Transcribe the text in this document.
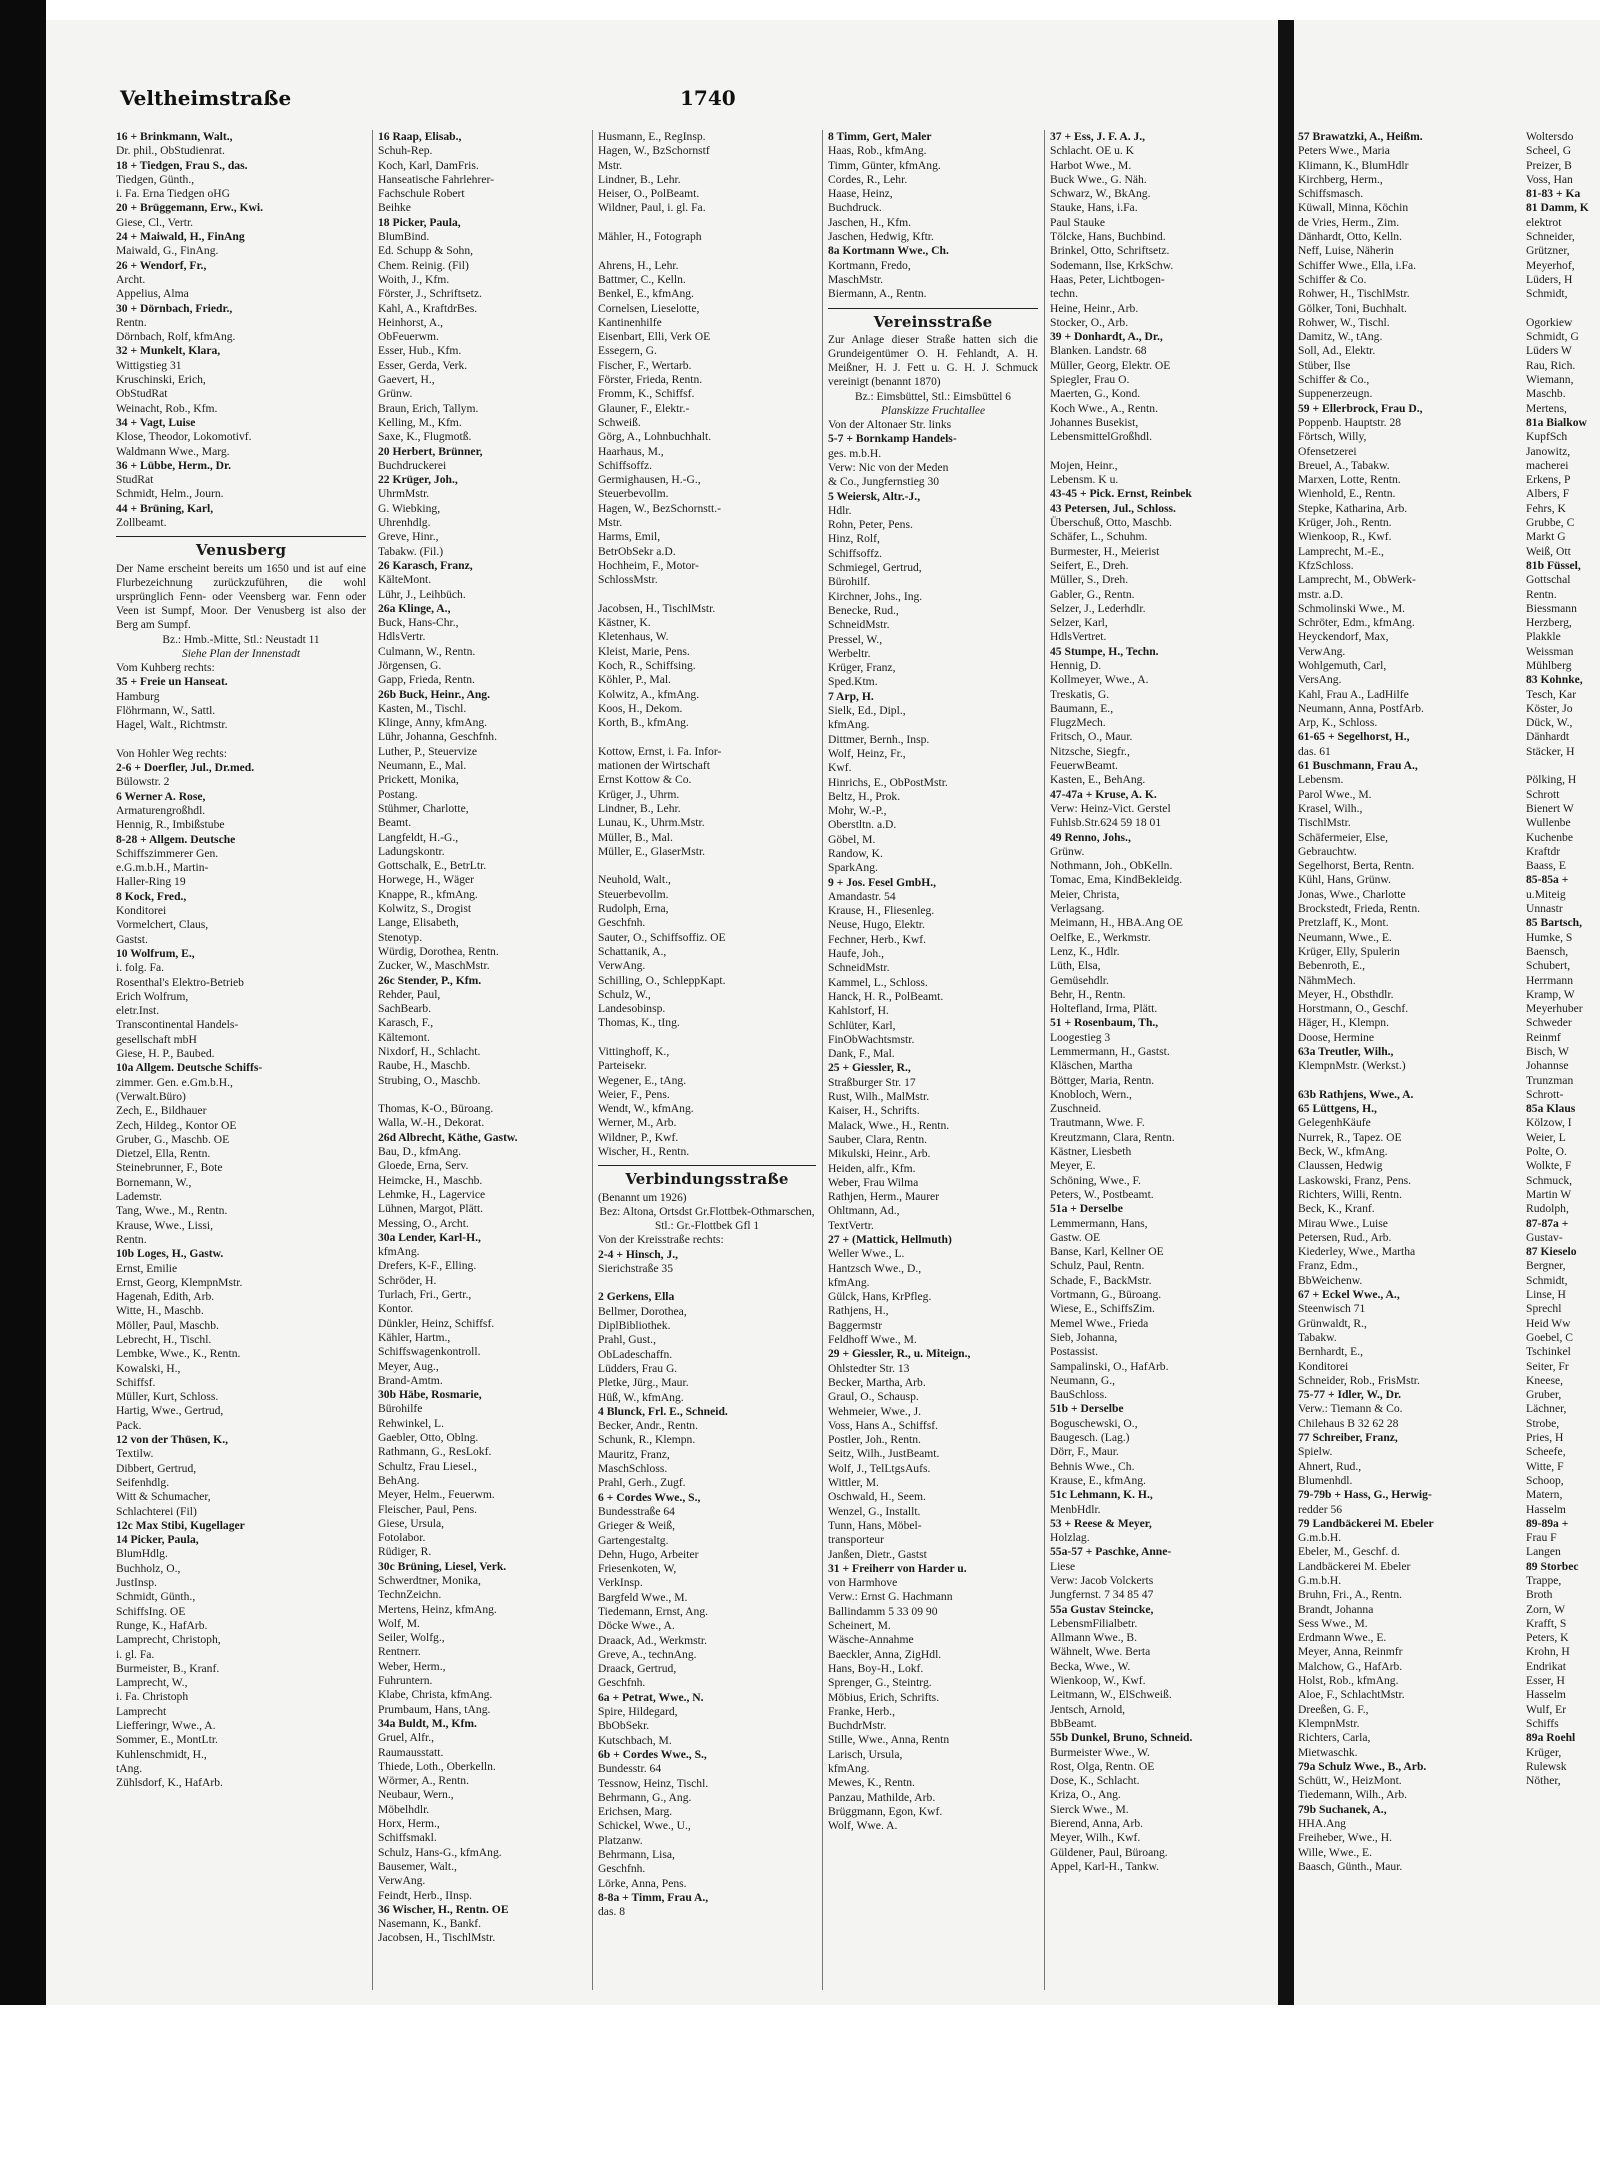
Veltheimstraße	1740
16 + Brinkmann, Walt.,
Dr. phil., ObStudienrat.
18 + Tiedgen, Frau S., das.
Tiedgen, Günth.,
i. Fa. Erna Tiedgen oHG
20 + Brüggemann, Erw., Kwi.
Giese, Cl., Vertr.
24 + Maiwald, H., FinAng
Maiwald, G., FinAng.
26 + Wendorf, Fr.,
Archt.
Appelius, Alma
30 + Dörnbach, Friedr.,
Rentn.
Dörnbach, Rolf, kfmAng.
32 + Munkelt, Klara,
Wittigstieg 31
Kruschinski, Erich,
ObStudRat
Weinacht, Rob., Kfm.
34 + Vagt, Luise
Klose, Theodor, Lokomotivf.
Waldmann Wwe., Marg.
36 + Lübbe, Herm., Dr.
StudRat
Schmidt, Helm., Journ.
44 + Brüning, Karl,
Zollbeamt.
Venusberg
Der Name erscheint bereits um 1650 und ist auf eine Flurbezeichnung zurückzuführen, die wohl ursprünglich Fenn- oder Veensberg war. Fenn oder Veen ist Sumpf, Moor. Der Venusberg ist also der Berg am Sumpf.
Bz.: Hmb.-Mitte, Stl.: Neustadt 11
Siehe Plan der Innenstadt
Vom Kuhberg rechts:
35 + Freie un Hanseat.
Hamburg
Flöhrmann, W., Sattl.
Hagel, Walt., Richtmstr.

Von Hohler Weg rechts:
2-6 + Doerfler, Jul., Dr.med.
Bülowstr. 2
6 Werner A. Rose,
Armaturengroßhdl.
Hennig, R., Imbißstube
8-28 + Allgem. Deutsche
Schiffszimmerer Gen.
e.G.m.b.H., Martin-
Haller-Ring 19
8 Kock, Fred.,
Konditorei
Vormelchert, Claus,
Gastst.
10 Wolfrum, E.,
i. folg. Fa.
Rosenthal's Elektro-Betrieb
Erich Wolfrum,
eletr.Inst.
Transcontinental Handels-
gesellschaft mbH
Giese, H. P., Baubed.
10a Allgem. Deutsche Schiffs-
zimmer. Gen. e.Gm.b.H.,
(Verwalt.Büro)
Zech, E., Bildhauer
Zech, Hildeg., Kontor OE
Gruber, G., Maschb. OE
Dietzel, Ella, Rentn.
Steinebrunner, F., Bote
Bornemann, W.,
Lademstr.
Tang, Wwe., M., Rentn.
Krause, Wwe., Lissi,
Rentn.
10b Loges, H., Gastw.
Ernst, Emilie
Ernst, Georg, KlempnMstr.
Hagenah, Edith, Arb.
Witte, H., Maschb.
Möller, Paul, Maschb.
Lebrecht, H., Tischl.
Lembke, Wwe., K., Rentn.
Kowalski, H.,
Schiffsf.
Müller, Kurt, Schloss.
Hartig, Wwe., Gertrud,
Pack.
12 von der Thüsen, K.,
Textilw.
Dibbert, Gertrud,
Seifenhdlg.
Witt & Schumacher,
Schlachterei (Fil)
12c Max Stibi, Kugellager
14 Picker, Paula,
BlumHdlg.
Buchholz, O.,
JustInsp.
Schmidt, Günth.,
SchiffsIng. OE
Runge, K., HafArb.
Lamprecht, Christoph,
i. gl. Fa.
Burmeister, B., Kranf.
Lamprecht, W.,
i. Fa. Christoph
Lamprecht
Liefferingr, Wwe., A.
Sommer, E., MontLtr.
Kuhlenschmidt, H.,
tAng.
Zühlsdorf, K., HafArb.
16 Raap, Elisab.,
Schuh-Rep.
Koch, Karl, DamFris.
Hanseatische Fahrlehrer-
Fachschule Robert
Beihke
18 Picker, Paula,
BlumBind.
Ed. Schupp & Sohn,
Chem. Reinig. (Fil)
Woith, J., Kfm.
Förster, J., Schriftsetz.
Kahl, A., KraftdrBes.
Heinhorst, A.,
ObFeuerwm.
Esser, Hub., Kfm.
Esser, Gerda, Verk.
Gaevert, H.,
Grünw.
Braun, Erich, Tallym.
Kelling, M., Kfm.
Saxe, K., Flugmotß.
20 Herbert, Brünner,
Buchdruckerei
22 Krüger, Joh.,
UhrmMstr.
G. Wiebking,
Uhrenhdlg.
Greve, Hinr.,
Tabakw. (Fil.)
26 Karasch, Franz,
KälteMont.
Lühr, J., Leihbüch.
26a Klinge, A.,
Buck, Hans-Chr.,
HdlsVertr.
Culmann, W., Rentn.
Jörgensen, G.
Gapp, Frieda, Rentn.
26b Buck, Heinr., Ang.
Kasten, M., Tischl.
Klinge, Anny, kfmAng.
Lühr, Johanna, Geschfnh.
Luther, P., Steuervize
Neumann, E., Mal.
Prickett, Monika,
Postang.
Stühmer, Charlotte,
Beamt.
Langfeldt, H.-G.,
Ladungskontr.
Gottschalk, E., BetrLtr.
Horwege, H., Wäger
Knappe, R., kfmAng.
Kolwitz, S., Drogist
Lange, Elisabeth,
Stenotyp.
Würdig, Dorothea, Rentn.
Zucker, W., MaschMstr.
26c Stender, P., Kfm.
Rehder, Paul,
SachBearb.
Karasch, F.,
Kältemont.
Nixdorf, H., Schlacht.
Raube, H., Maschb.
Strubing, O., Maschb.

Thomas, K-O., Büroang.
Walla, W.-H., Dekorat.
26d Albrecht, Käthe, Gastw.
Bau, D., kfmAng.
Gloede, Erna, Serv.
Heimcke, H., Maschb.
Lehmke, H., Lagervice
Lühnen, Margot, Plätt.
Messing, O., Archt.
30a Lender, Karl-H.,
kfmAng.
Drefers, K-F., Elling.
Schröder, H.
Turlach, Fri., Gertr.,
Kontor.
Dünkler, Heinz, Schiffsf.
Kähler, Hartm.,
Schiffswagenkontroll.
Meyer, Aug.,
Brand-Amtm.
30b Häbe, Rosmarie,
Bürohilfe
Rehwinkel, L.
Gaebler, Otto, Oblng.
Rathmann, G., ResLokf.
Schultz, Frau Liesel.,
BehAng.
Meyer, Helm., Feuerwm.
Fleischer, Paul, Pens.
Giese, Ursula,
Fotolabor.
Rüdiger, R.
30c Brüning, Liesel, Verk.
Schwerdtner, Monika,
TechnZeichn.
Mertens, Heinz, kfmAng.
Wolf, M.
Seiler, Wolfg.,
Rentnerr.
Weber, Herm.,
Fuhruntern.
Klabe, Christa, kfmAng.
Prumbaum, Hans, tAng.
34a Buldt, M., Kfm.
Gruel, Alfr.,
Raumausstatt.
Thiede, Loth., Oberkelln.
Wörmer, A., Rentn.
Neubaur, Wern.,
Möbelhdlr.
Horx, Herm.,
Schiffsmakl.
Schulz, Hans-G., kfmAng.
Bausemer, Walt.,
VerwAng.
Feindt, Herb., IInsp.
36 Wischer, H., Rentn. OE
Nasemann, K., Bankf.
Jacobsen, H., TischlMstr.
Husmann, E., RegInsp.
Hagen, W., BzSchornstf
Mstr.
Lindner, B., Lehr.
Heiser, O., PolBeamt.
Wildner, Paul, i. gl. Fa.

Mähler, H., Fotograph

Ahrens, H., Lehr.
Battmer, C., Kelln.
Benkel, E., kfmAng.
Cornelsen, Lieselotte,
Kantinenhilfe
Eisenbart, Elli, Verk OE
Essegern, G.
Fischer, F., Wertarb.
Förster, Frieda, Rentn.
Fromm, K., Schiffsf.
Glauner, F., Elektr.-
Schweiß.
Görg, A., Lohnbuchhalt.
Haarhaus, M.,
Schiffsoffz.
Germighausen, H.-G.,
Steuerbevollm.
Hagen, W., BezSchornstt.-
Mstr.
Harms, Emil,
BetrObSekr a.D.
Hochheim, F., Motor-
SchlossMstr.

Jacobsen, H., TischlMstr.
Kästner, K.
Kletenhaus, W.
Kleist, Marie, Pens.
Koch, R., Schiffsing.
Köhler, P., Mal.
Kolwitz, A., kfmAng.
Koos, H., Dekom.
Korth, B., kfmAng.

Kottow, Ernst, i. Fa. Infor-
mationen der Wirtschaft
Ernst Kottow & Co.
Krüger, J., Uhrm.
Lindner, B., Lehr.
Lunau, K., Uhrm.Mstr.
Müller, B., Mal.
Müller, E., GlaserMstr.

Neuhold, Walt.,
Steuerbevollm.
Rudolph, Erna,
Geschfnh.
Sauter, O., Schiffsoffiz. OE
Schattanik, A.,
VerwAng.
Schilling, O., SchleppKapt.
Schulz, W.,
Landesobinsp.
Thomas, K., tIng.

Vittinghoff, K.,
Parteisekr.
Wegener, E., tAng.
Weier, F., Pens.
Wendt, W., kfmAng.
Werner, M., Arb.
Wildner, P., Kwf.
Wischer, H., Rentn.
Verbindungsstraße
(Benannt um 1926)
Bez: Altona, Ortsdst Gr.Flottbek-Othmarschen, Stl.: Gr.-Flottbek Gfl 1
Von der Kreisstraße rechts:
2-4 + Hinsch, J.,
Sierichstraße 35

2 Gerkens, Ella
Bellmer, Dorothea,
DiplBibliothek.
Prahl, Gust.,
ObLadeschaffn.
Lüdders, Frau G.
Pletke, Jürg., Maur.
Hüß, W., kfmAng.
4 Blunck, Frl. E., Schneid.
Becker, Andr., Rentn.
Schunk, R., Klempn.
Mauritz, Franz,
MaschSchloss.
Prahl, Gerh., Zugf.
6 + Cordes Wwe., S.,
Bundesstraße 64
Grieger & Weiß,
Gartengestaltg.
Dehn, Hugo, Arbeiter
Friesenkoten, W,
VerkInsp.
Bargfeld Wwe., M.
Tiedemann, Ernst, Ang.
Döcke Wwe., A.
Draack, Ad., Werkmstr.
Greve, A., technAng.
Draack, Gertrud,
Geschfnh.
6a + Petrat, Wwe., N.
Spire, Hildegard,
BbObSekr.
Kutschbach, M.
6b + Cordes Wwe., S.,
Bundesstr. 64
Tessnow, Heinz, Tischl.
Behrmann, G., Ang.
Erichsen, Marg.
Schickel, Wwe., U.,
Platzanw.
Behrmann, Lisa,
Geschfnh.
Lörke, Anna, Pens.
8-8a + Timm, Frau A.,
das. 8
8 Timm, Gert, Maler
Haas, Rob., kfmAng.
Timm, Günter, kfmAng.
Cordes, R., Lehr.
Haase, Heinz,
Buchdruck.
Jaschen, H., Kfm.
Jaschen, Hedwig, Kftr.
8a Kortmann Wwe., Ch.
Kortmann, Fredo,
MaschMstr.
Biermann, A., Rentn.
Vereinsstraße
Zur Anlage dieser Straße hatten sich die Grundeigentümer O. H. Fehlandt, A. H. Meißner, H. J. Fett u. G. H. J. Schmuck vereinigt (benannt 1870)
Bz.: Eimsbüttel, Stl.: Eimsbüttel 6
Planskizze Fruchtallee
Von der Altonaer Str. links
5-7 + Bornkamp Handels-
ges. m.b.H.
Verw: Nic von der Meden
& Co., Jungfernstieg 30
5 Weiersk, Altr.-J.,
Hdlr.
Rohn, Peter, Pens.
Hinz, Rolf,
Schiffsoffz.
Schmiegel, Gertrud,
Bürohilf.
Kirchner, Johs., Ing.
Benecke, Rud.,
SchneidMstr.
Pressel, W.,
Werbeltr.
Krüger, Franz,
Sped.Ktm.
7 Arp, H.
Sielk, Ed., Dipl.,
kfmAng.
Dittmer, Bernh., Insp.
Wolf, Heinz, Fr.,
Kwf.
Hinrichs, E., ObPostMstr.
Beltz, H., Prok.
Mohr, W.-P.,
Oberstltn. a.D.
Göbel, M.
Randow, K.
SparkAng.
9 + Jos. Fesel GmbH.,
Amandastr. 54
Krause, H., Fliesenleg.
Neuse, Hugo, Elektr.
Fechner, Herb., Kwf.
Haufe, Joh.,
SchneidMstr.
Kammel, L., Schloss.
Hanck, H. R., PolBeamt.
Kahlstorf, H.
Schlüter, Karl,
FinObWachtsmstr.
Dank, F., Mal.
25 + Giessler, R.,
Straßburger Str. 17
Rust, Wilh., MalMstr.
Kaiser, H., Schrifts.
Malack, Wwe., H., Rentn.
Sauber, Clara, Rentn.
Mikulski, Heinr., Arb.
Heiden, alfr., Kfm.
Weber, Frau Wilma
Rathjen, Herm., Maurer
Ohltmann, Ad.,
TextVertr.
27 + (Mattick, Hellmuth)
Weller Wwe., L.
Hantzsch Wwe., D.,
kfmAng.
Gülck, Hans, KrPfleg.
Rathjens, H.,
Baggermstr
Feldhoff Wwe., M.
29 + Giessler, R., u. Miteign.,
Ohlstedter Str. 13
Becker, Martha, Arb.
Graul, O., Schausp.
Wehmeier, Wwe., J.
Voss, Hans A., Schiffsf.
Postler, Joh., Rentn.
Seitz, Wilh., JustBeamt.
Wolf, J., TelLtgsAufs.
Wittler, M.
Oschwald, H., Seem.
Wenzel, G., Installt.
Tunn, Hans, Möbel-
transporteur
Janßen, Dietr., Gastst
31 + Freiherr von Harder u.
von Harmhove
Verw.: Ernst G. Hachmann
Ballindamm 5 33 09 90
Scheinert, M.
Wäsche-Annahme
Baeckler, Anna, ZigHdl.
Hans, Boy-H., Lokf.
Sprenger, G., Steintrg.
Möbius, Erich, Schrifts.
Franke, Herb.,
BuchdrMstr.
Stille, Wwe., Anna, Rentn
Larisch, Ursula,
kfmAng.
Mewes, K., Rentn.
Panzau, Mathilde, Arb.
Brüggmann, Egon, Kwf.
Wolf, Wwe. A.
37 + Ess, J. F. A. J.,
Schlacht. OE u. K
Harbot Wwe., M.
Buck Wwe., G. Näh.
Schwarz, W., BkAng.
Stauke, Hans, i.Fa.
Paul Stauke
Tölcke, Hans, Buchbind.
Brinkel, Otto, Schriftsetz.
Sodemann, Ilse, KrkSchw.
Haas, Peter, Lichtbogen-
techn.
Heine, Heinr., Arb.
Stocker, O., Arb.
39 + Donhardt, A., Dr.,
Blanken. Landstr. 68
Müller, Georg, Elektr. OE
Spiegler, Frau O.
Maerten, G., Kond.
Koch Wwe., A., Rentn.
Johannes Busekist,
LebensmittelGroßhdl.

Mojen, Heinr.,
Lebensm. K u.
43-45 + Pick. Ernst, Reinbek
43 Petersen, Jul., Schloss.
Überschuß, Otto, Maschb.
Schäfer, L., Schuhm.
Burmester, H., Meierist
Seifert, E., Dreh.
Müller, S., Dreh.
Gabler, G., Rentn.
Selzer, J., Lederhdlr.
Selzer, Karl,
HdlsVertret.
45 Stumpe, H., Techn.
Hennig, D.
Kollmeyer, Wwe., A.
Treskatis, G.
Baumann, E.,
FlugzMech.
Fritsch, O., Maur.
Nitzsche, Siegfr.,
FeuerwBeamt.
Kasten, E., BehAng.
47-47a + Kruse, A. K.
Verw: Heinz-Vict. Gerstel
Fuhlsb.Str.624 59 18 01
49 Renno, Johs.,
Grünw.
Nothmann, Joh., ObKelln.
Tomac, Ema, KindBekleidg.
Meier, Christa,
Verlagsang.
Meimann, H., HBA.Ang OE
Oelfke, E., Werkmstr.
Lenz, K., Hdlr.
Lüth, Elsa,
Gemüsehdlr.
Behr, H., Rentn.
Holtefland, Irma, Plätt.
51 + Rosenbaum, Th.,
Loogestieg 3
Lemmermann, H., Gastst.
Kläschen, Martha
Böttger, Maria, Rentn.
Knobloch, Wern.,
Zuschneid.
Trautmann, Wwe. F.
Kreutzmann, Clara, Rentn.
Kästner, Liesbeth
Meyer, E.
Schöning, Wwe., F.
Peters, W., Postbeamt.
51a + Derselbe
Lemmermann, Hans,
Gastw. OE
Banse, Karl, Kellner OE
Schulz, Paul, Rentn.
Schade, F., BackMstr.
Vortmann, G., Büroang.
Wiese, E., SchiffsZim.
Memel Wwe., Frieda
Sieb, Johanna,
Postassist.
Sampalinski, O., HafArb.
Neumann, G.,
BauSchloss.
51b + Derselbe
Boguschewski, O.,
Baugesch. (Lag.)
Dörr, F., Maur.
Behnis Wwe., Ch.
Krause, E., kfmAng.
51c Lehmann, K. H.,
MenbHdlr.
53 + Reese & Meyer,
Holzlag.
55a-57 + Paschke, Anne-
Liese
Verw: Jacob Volckerts
Jungfernst. 7 34 85 47
55a Gustav Steincke,
LebensmFilialbetr.
Allmann Wwe., B.
Wähnelt, Wwe. Berta
Becka, Wwe., W.
Wienkoop, W., Kwf.
Leitmann, W., ElSchweiß.
Jentsch, Arnold,
BbBeamt.
55b Dunkel, Bruno, Schneid.
Burmeister Wwe., W.
Rost, Olga, Rentn. OE
Dose, K., Schlacht.
Kriza, O., Ang.
Sierck Wwe., M.
Bierend, Anna, Arb.
Meyer, Wilh., Kwf.
Güldener, Paul, Büroang.
Appel, Karl-H., Tankw.
57 Brawatzki, A., Heißm.
Peters Wwe., Maria
Klimann, K., BlumHdlr
Kirchberg, Herm.,
Schiffsmasch.
Küwall, Minna, Köchin
de Vries, Herm., Zim.
Dänhardt, Otto, Kelln.
Neff, Luise, Näherin
Schiffer Wwe., Ella, i.Fa.
Schiffer & Co.
Rohwer, H., TischlMstr.
Gölker, Toni, Buchhalt.
Rohwer, W., Tischl.
Damitz, W., tAng.
Soll, Ad., Elektr.
Stüber, Ilse
Schiffer & Co.,
Suppenerzeugn.
59 + Ellerbrock, Frau D.,
Poppenb. Hauptstr. 28
Förtsch, Willy,
Ofensetzerei
Breuel, A., Tabakw.
Marxen, Lotte, Rentn.
Wienhold, E., Rentn.
Stepke, Katharina, Arb.
Krüger, Joh., Rentn.
Wienkoop, R., Kwf.
Lamprecht, M.-E.,
KfzSchloss.
Lamprecht, M., ObWerk-
mstr. a.D.
Schmolinski Wwe., M.
Schröter, Edm., kfmAng.
Heyckendorf, Max,
VerwAng.
Wohlgemuth, Carl,
VersAng.
Kahl, Frau A., LadHilfe
Neumann, Anna, PostfArb.
Arp, K., Schloss.
61-65 + Segelhorst, H.,
das. 61
61 Buschmann, Frau A.,
Lebensm.
Parol Wwe., M.
Krasel, Wilh.,
TischlMstr.
Schäfermeier, Else,
Gebrauchtw.
Segelhorst, Berta, Rentn.
Kühl, Hans, Grünw.
Jonas, Wwe., Charlotte
Brockstedt, Frieda, Rentn.
Pretzlaff, K., Mont.
Neumann, Wwe., E.
Krüger, Elly, Spulerin
Bebenroth, E.,
NähmMech.
Meyer, H., Obsthdlr.
Horstmann, O., Geschf.
Häger, H., Klempn.
Doose, Hermine
63a Treutler, Wilh.,
KlempnMstr. (Werkst.)

63b Rathjens, Wwe., A.
65 Lüttgens, H.,
GelegenhKäufe
Nurrek, R., Tapez. OE
Beck, W., kfmAng.
Claussen, Hedwig
Laskowski, Franz, Pens.
Richters, Willi, Rentn.
Beck, K., Kranf.
Mirau Wwe., Luise
Petersen, Rud., Arb.
Kiederley, Wwe., Martha
Franz, Edm.,
BbWeichenw.
67 + Eckel Wwe., A.,
Steenwisch 71
Grünwaldt, R.,
Tabakw.
Bernhardt, E.,
Konditorei
Schneider, Rob., FrisMstr.
75-77 + Idler, W., Dr.
Verw.: Tiemann & Co.
Chilehaus B 32 62 28
77 Schreiber, Franz,
Spielw.
Ahnert, Rud.,
Blumenhdl.
79-79b + Hass, G., Herwig-
redder 56
79 Landbäckerei M. Ebeler
G.m.b.H.
Ebeler, M., Geschf. d.
Landbäckerei M. Ebeler
G.m.b.H.
Bruhn, Fri., A., Rentn.
Brandt, Johanna
Sess Wwe., M.
Erdmann Wwe., E.
Meyer, Anna, Reinmfr
Malchow, G., HafArb.
Holst, Rob., kfmAng.
Aloe, F., SchlachtMstr.
Dreeßen, G. F.,
KlempnMstr.
Richters, Carla,
Mietwaschk.
79a Schulz Wwe., B., Arb.
Schütt, W., HeizMont.
Tiedemann, Wilh., Arb.
79b Suchanek, A.,
HHA.Ang
Freiheber, Wwe., H.
Wille, Wwe., E.
Baasch, Günth., Maur.
Woltersdo
Scheel, G
Preizer, B
Voss, Han
81-83 + Ka
81 Damm, K
elektrot
Schneider,
Grützner,
Meyerhof,
Lüders, H
Schmidt,

Ogorkiew
Schmidt, G
Lüders W
Rau, Rich.
Wiemann,
Maschb.
Mertens,
81a Bialkow
KupfSch
Janowitz,
macherei
Erkens, P
Albers, F
Fehrs, K
Grubbe, C
Markt G
Weiß, Ott
81b Füssel,
Gottschal
Rentn.
Biessmann
Herzberg,
Plakkle
Weissman
Mühlberg
83 Kohnke,
Tesch, Kar
Köster, Jo
Dück, W.,
Dänhardt
Stäcker, H

Pölking, H
Schrott
Bienert W
Wullenbe
Kuchenbe
Kraftdr
Baass, E
85-85a +
u.Miteig
Unnastr
85 Bartsch,
Humke, S
Baensch,
Schubert,
Herrmann
Kramp, W
Meyerhuber
Schweder
Reinmf
Bisch, W
Johannse
Trunzman
Schrott-
85a Klaus
Kölzow, I
Weier, L
Polte, O.
Wolkte, F
Schmuck,
Martin W
Rudolph,
87-87a +
Gustav-
87 Kieselo
Bergner,
Schmidt,
Linse, H
Sprechl
Heid Ww
Goebel, C
Tschinkel
Seiter, Fr
Kneese,
Gruber,
Lächner,
Strobe,
Pries, H
Scheefe,
Witte, F
Schoop,
Matern,
Hasselm
89-89a +
Frau F
Langen
89 Storbec
Trappe,
Broth
Zorn, W
Krafft, S
Peters, K
Krohn, H
Endrikat
Esser, H
Hasselm
Wulf, Er
Schiffs
89a Roehl
Krüger,
Rulewsk
Nöther,
